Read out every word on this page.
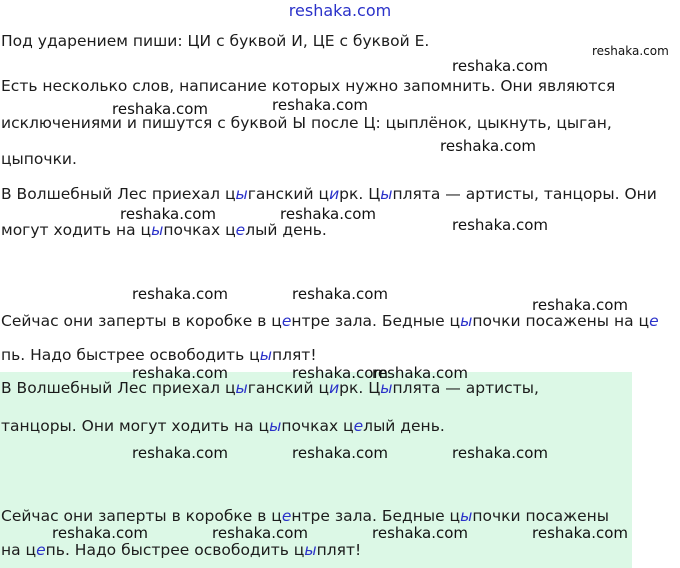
reshaka.com
Под ударением пиши: ЦИ с буквой И, ЦЕ с буквой Е.
Есть несколько слов, написание которых нужно запомнить. Они являются
исключениями и пишутся с буквой Ы после Ц: цыплёнок, цыкнуть, цыган,
цыпочки.
В Волшебный Лес приехал цыганский цирк. Цыплята — артисты, танцоры. Они
могут ходить на цыпочках целый день.
Сейчас они заперты в коробке в центре зала. Бедные цыпочки посажены на це
пь. Надо быстрее освободить цыплят!
В Волшебный Лес приехал цыганский цирк. Цыплята — артисты,
танцоры. Они могут ходить на цыпочках целый день.
Сейчас они заперты в коробке в центре зала. Бедные цыпочки посажены
на цепь. Надо быстрее освободить цыплят!
reshaka.com
reshaka.com
reshaka.com	reshaka.com
reshaka.com
reshaka.com	reshaka.com
reshaka.com
reshaka.com	reshaka.com
reshaka.com
reshaka.com	reshaka.com
reshaka.com
reshaka.com	reshaka.com	reshaka.com
reshaka.com	reshaka.com	reshaka.com	reshaka.com
